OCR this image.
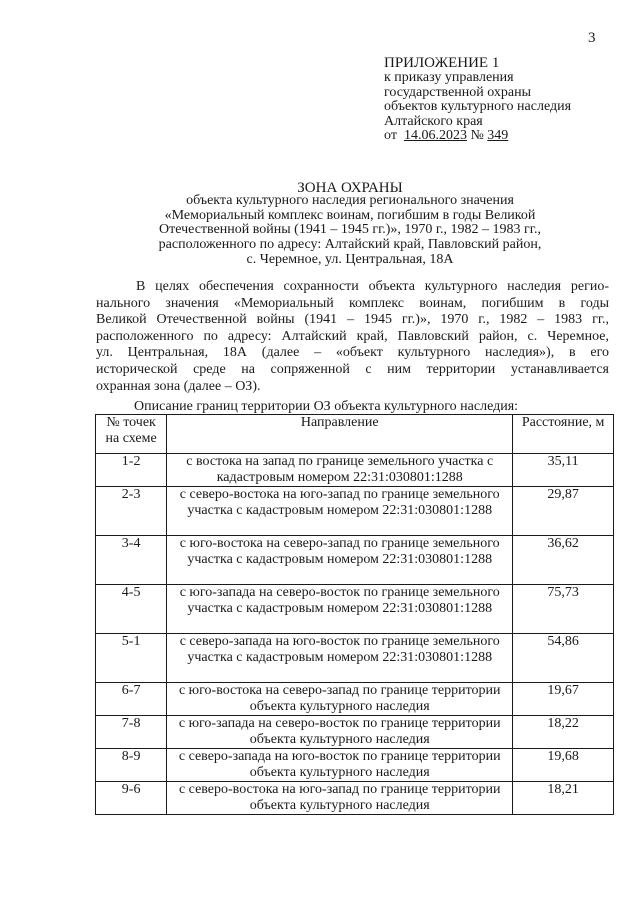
3
ПРИЛОЖЕНИЕ 1
к приказу управления
государственной охраны
объектов культурного наследия
Алтайского края
от 14.06.2023 № 349
ЗОНА ОХРАНЫ
объекта культурного наследия регионального значения
«Мемориальный комплекс воинам, погибшим в годы Великой
Отечественной войны (1941 – 1945 гг.)», 1970 г., 1982 – 1983 гг.,
расположенного по адресу: Алтайский край, Павловский район,
с. Черемное, ул. Центральная, 18А
В целях обеспечения сохранности объекта культурного наследия регио-
нального значения «Мемориальный комплекс воинам, погибшим в годы
Великой Отечественной войны (1941 – 1945 гг.)», 1970 г., 1982 – 1983 гг.,
расположенного по адресу: Алтайский край, Павловский район, с. Черемное,
ул. Центральная, 18А (далее – «объект культурного наследия»), в его
исторической среде на сопряженной с ним территории устанавливается
охранная зона (далее – ОЗ).
Описание границ территории ОЗ объекта культурного наследия:
№ точек на схеме	Направление	Расстояние, м
1-2	с востока на запад по границе земельного участка с кадастровым номером 22:31:030801:1288	35,11
2-3	с северо-востока на юго-запад по границе земельного участка с кадастровым номером 22:31:030801:1288	29,87
3-4	с юго-востока на северо-запад по границе земельного участка с кадастровым номером 22:31:030801:1288	36,62
4-5	с юго-запада на северо-восток по границе земельного участка с кадастровым номером 22:31:030801:1288	75,73
5-1	с северо-запада на юго-восток по границе земельного участка с кадастровым номером 22:31:030801:1288	54,86
6-7	с юго-востока на северо-запад по границе территории объекта культурного наследия	19,67
7-8	с юго-запада на северо-восток по границе территории объекта культурного наследия	18,22
8-9	с северо-запада на юго-восток по границе территории объекта культурного наследия	19,68
9-6	с северо-востока на юго-запад по границе территории объекта культурного наследия	18,21
